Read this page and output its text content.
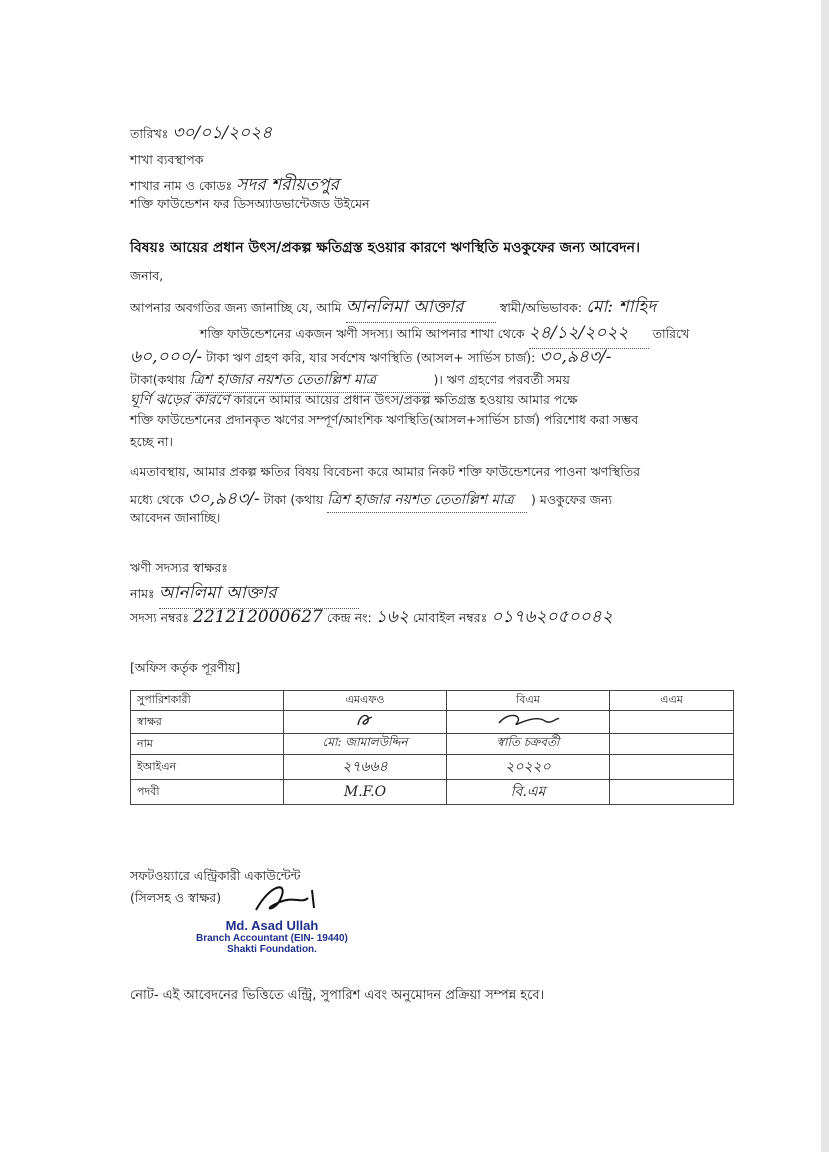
তারিখঃ ৩০/০১/২০২৪
শাখা ব্যবস্থাপক
শাখার নাম ও কোডঃ সদর শরীয়তপুর
শক্তি ফাউন্ডেশন ফর ডিসঅ্যাডভান্টেজড উইমেন
বিষয়ঃ আয়ের প্রধান উৎস/প্রকল্প ক্ষতিগ্রস্ত হওয়ার কারণে ঋণস্থিতি মওকুফের জন্য আবেদন।
জনাব,
আপনার অবগতির জন্য জানাচ্ছি যে, আমি আনলিমা আক্তার	স্বামী/অভিভাবক: মো: শাহিদ
শক্তি ফাউন্ডেশনের একজন ঋণী সদস্য। আমি আপনার শাখা থেকে ২৪/১২/২০২২ তারিখে
৬০,০০০/- টাকা ঋণ গ্রহণ করি, যার সর্বশেষ ঋণস্থিতি (আসল+ সার্ভিস চার্জ): ৩০,৯৪৩/-
টাকা(কথায় ত্রিশ হাজার নয়শত তেতাল্লিশ মাত্র	)। ঋণ গ্রহণের পরবর্তী সময়
ঘূর্ণি ঝড়ের কারণে কারনে আমার আয়ের প্রধান উৎস/প্রকল্প ক্ষতিগ্রস্ত হওয়ায় আমার পক্ষে
শক্তি ফাউন্ডেশনের প্রদানকৃত ঋণের সম্পূর্ণ/আংশিক ঋণস্থিতি(আসল+সার্ভিস চার্জ) পরিশোধ করা সম্ভব
হচ্ছে না।
এমতাবস্থায়, আমার প্রকল্প ক্ষতির বিষয় বিবেচনা করে আমার নিকট শক্তি ফাউন্ডেশনের পাওনা ঋণস্থিতির
মধ্যে থেকে ৩০,৯৪৩/- টাকা (কথায় ত্রিশ হাজার নয়শত তেতাল্লিশ মাত্র ) মওকুফের জন্য
আবেদন জানাচ্ছি।
ঋণী সদস্যর স্বাক্ষরঃ
নামঃ আনলিমা আক্তার
সদস্য নম্বরঃ 221212000627 কেন্দ্র নং: ১৬২ মোবাইল নম্বরঃ ০১৭৬২০৫০০৪২
[অফিস কর্তৃক পূরণীয়]
সুপারিশকারী	এমএফও	বিএম	এএম
স্বাক্ষর			
নাম	মো: জামালউদ্দিন	স্বাতি চক্রবর্তী	
ইআইএন	২৭৬৬৪	২০২২০	
পদবী	M.F.O	বি.এম	
সফটওয়্যারে এন্ট্রিকারী একাউন্টেন্ট
(সিলসহ ও স্বাক্ষর)
Md. Asad Ullah
Branch Accountant (EIN- 19440)
Shakti Foundation.
নোট- এই আবেদনের ভিত্তিতে এন্ট্রি, সুপারিশ এবং অনুমোদন প্রক্রিয়া সম্পন্ন হবে।
